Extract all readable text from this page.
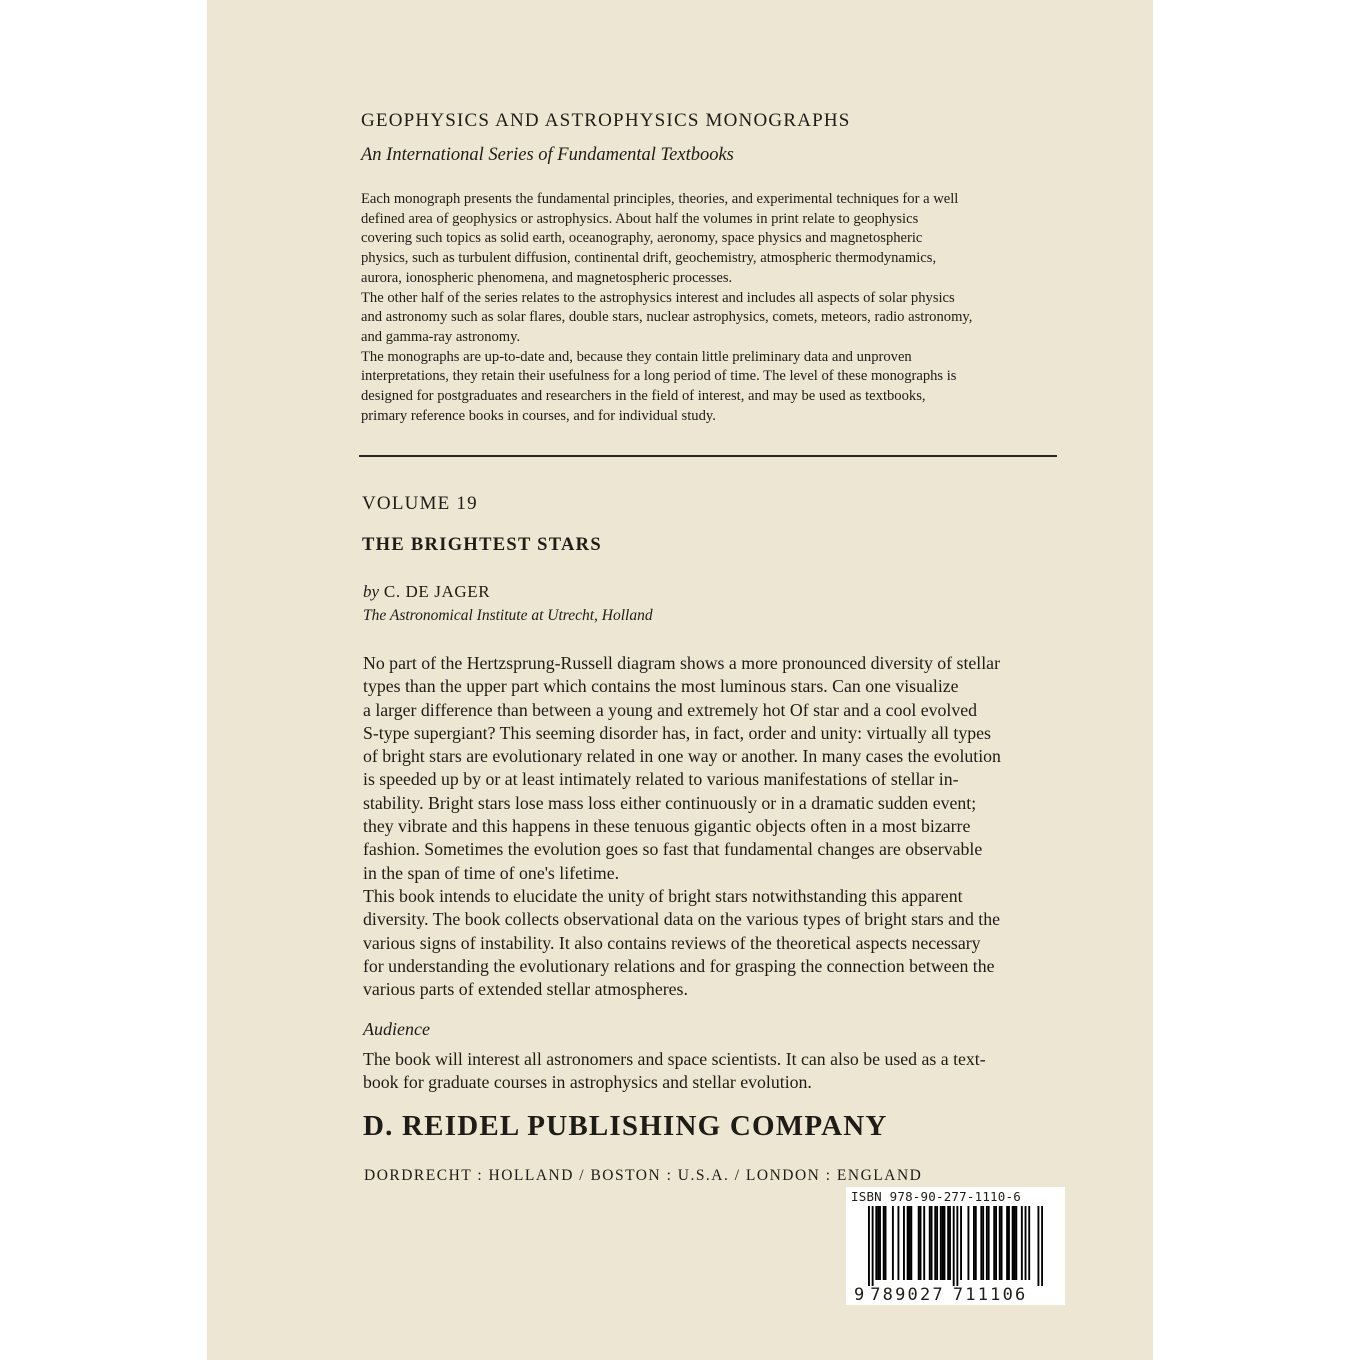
GEOPHYSICS AND ASTROPHYSICS MONOGRAPHS

An International Series of Fundamental Textbooks

Each monograph presents the fundamental principles, theories, and experimental techniques for a well
defined area of geophysics or astrophysics. About half the volumes in print relate to geophysics
covering such topics as solid earth, oceanography, aeronomy, space physics and magnetospheric
physics, such as turbulent diffusion, continental drift, geochemistry, atmospheric thermodynamics,
aurora, ionospheric phenomena, and magnetospheric processes.
The other half of the series relates to the astrophysics interest and includes all aspects of solar physics
and astronomy such as solar flares, double stars, nuclear astrophysics, comets, meteors, radio astronomy,
and gamma-ray astronomy.
The monographs are up-to-date and, because they contain little preliminary data and unproven
interpretations, they retain their usefulness for a long period of time. The level of these monographs is
designed for postgraduates and researchers in the field of interest, and may be used as textbooks,
primary reference books in courses, and for individual study.

VOLUME 19

THE BRIGHTEST STARS

by C. DE JAGER

The Astronomical Institute at Utrecht, Holland

No part of the Hertzsprung-Russell diagram shows a more pronounced diversity of stellar
types than the upper part which contains the most luminous stars. Can one visualize
a larger difference than between a young and extremely hot Of star and a cool evolved
S-type supergiant? This seeming disorder has, in fact, order and unity: virtually all types
of bright stars are evolutionary related in one way or another. In many cases the evolution
is speeded up by or at least intimately related to various manifestations of stellar in-
stability. Bright stars lose mass loss either continuously or in a dramatic sudden event;
they vibrate and this happens in these tenuous gigantic objects often in a most bizarre
fashion. Sometimes the evolution goes so fast that fundamental changes are observable
in the span of time of one's lifetime.
This book intends to elucidate the unity of bright stars notwithstanding this apparent
diversity. The book collects observational data on the various types of bright stars and the
various signs of instability. It also contains reviews of the theoretical aspects necessary
for understanding the evolutionary relations and for grasping the connection between the
various parts of extended stellar atmospheres.

Audience

The book will interest all astronomers and space scientists. It can also be used as a text-
book for graduate courses in astrophysics and stellar evolution.

D. REIDEL PUBLISHING COMPANY

DORDRECHT : HOLLAND / BOSTON : U.S.A. / LONDON : ENGLAND

ISBN 978-90-277-1110-6
9 789027 711106
